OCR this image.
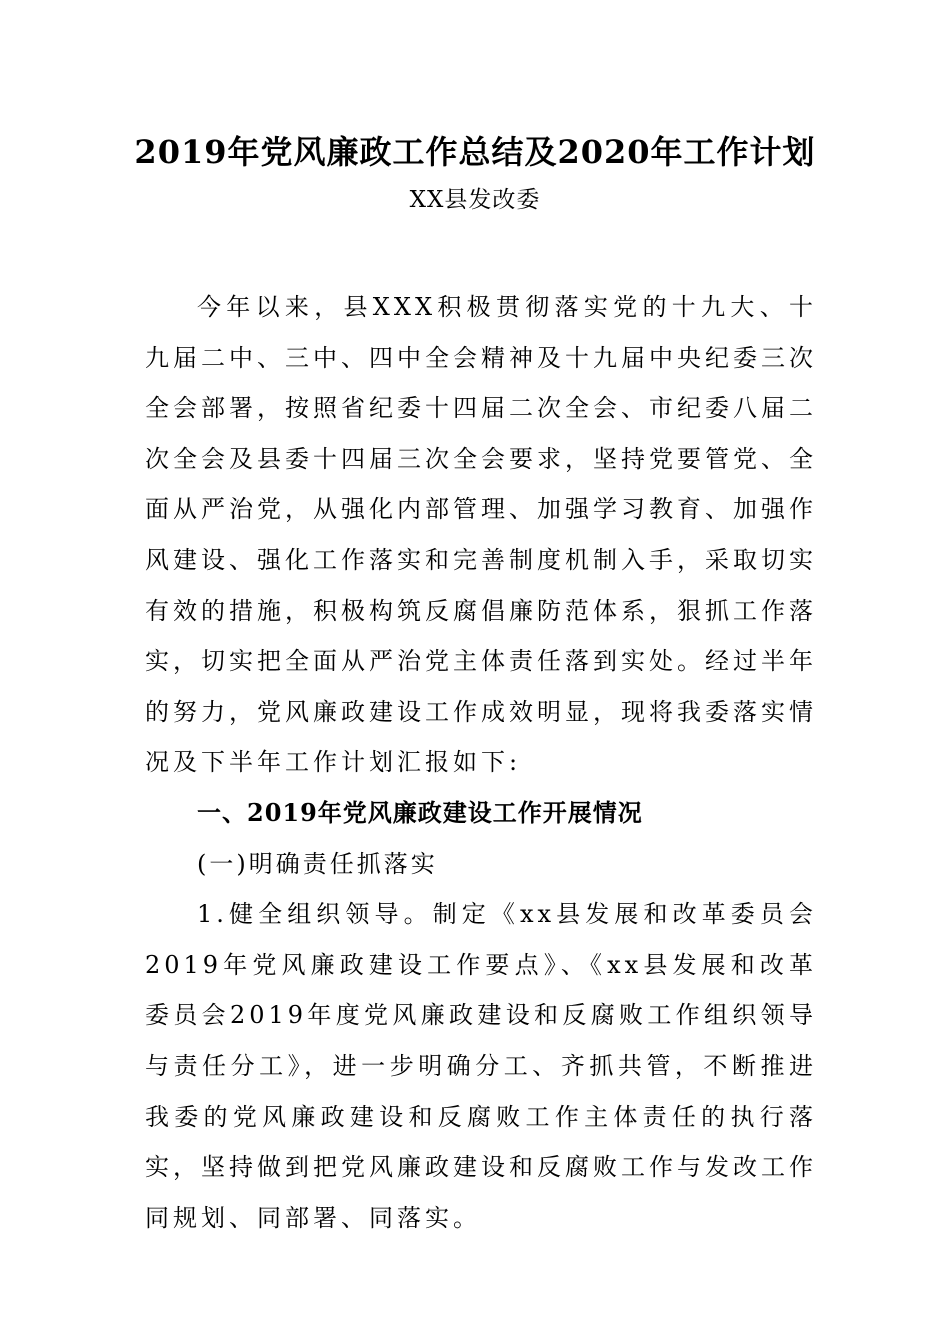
2019年党风廉政工作总结及2020年工作计划
XX县发改委

今年以来，县XXX积极贯彻落实党的十九大、十九届二中、三中、四中全会精神及十九届中央纪委三次全会部署，按照省纪委十四届二次全会、市纪委八届二次全会及县委十四届三次全会要求，坚持党要管党、全面从严治党，从强化内部管理、加强学习教育、加强作风建设、强化工作落实和完善制度机制入手，采取切实有效的措施，积极构筑反腐倡廉防范体系，狠抓工作落实，切实把全面从严治党主体责任落到实处。经过半年的努力，党风廉政建设工作成效明显，现将我委落实情况及下半年工作计划汇报如下:

一、2019年党风廉政建设工作开展情况

(一)明确责任抓落实

1.健全组织领导。制定《xx县发展和改革委员会2019年党风廉政建设工作要点》、《xx县发展和改革委员会2019年度党风廉政建设和反腐败工作组织领导与责任分工》，进一步明确分工、齐抓共管，不断推进我委的党风廉政建设和反腐败工作主体责任的执行落实，坚持做到把党风廉政建设和反腐败工作与发改工作同规划、同部署、同落实。
